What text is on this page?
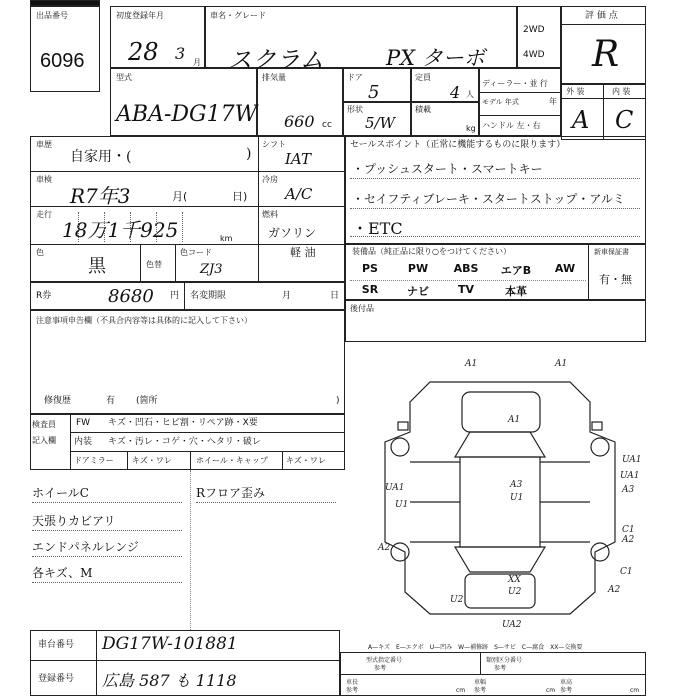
出品番号
6096
初度登録年月
28 3 月
車名・グレード
スクラム	PX ターボ
2WD
4WD
評 価 点
R
外 装	内 装
A C
型式
ABA-DG17W
排気量
660 cc
ドア
5
定員
4 人
形状
5/W
積載
kg
ディーラー・並 行
モデル 年式	年
ハンドル 左・右
車歴
自家用・(	)
車検
R7年3	月(	日)
走行
18万1千925	km
色
黒	色替
色コード
ZJ3
シフト
IAT
冷房
A/C
燃料
ガソリン
軽 油
セールスポイント（正常に機能するものに限ります）
・プッシュスタート・スマートキー
・セイフティブレーキ・スタートストップ・アルミ
・ETC
装備品（純正品に限り○をつけてください）	新車保証書
有・無
PS	PW	ABS	エアB	AW
SR	ナビ	TV	本革
後付品
R券	8680 円 名変期限	月	日
注意事項申告欄（不具合内容等は具体的に記入して下さい）
修復歴	有 (箇所	)
検査員
記入欄
FW キズ・凹石・ヒビ割・リペア跡・X要
内装 キズ・汚レ・コゲ・穴・ヘタリ・破レ
ドアミラー キズ・ワレ	ホイール・キャップ キズ・ワレ
ホイールC
天張りカビアリ
エンドパネルレンジ
各キズ、M
Rフロア歪み
A1	A1
A1
A3
U1
UA1
UA1
UA1	A3
A2
U1
A2
XX
U2
U2
UA2
C1
C1
A2
A—キズ　E—エクボ　U—凹み　W—補修跡　S—サビ　C—腐食　XX—交換要
車台番号 DG17W-101881
登録番号 広島 587 も 1118
型式指定番号
参考
類別区分番号
参考
車長
参考	cm
車幅
参考	cm
車高
参考	cm
